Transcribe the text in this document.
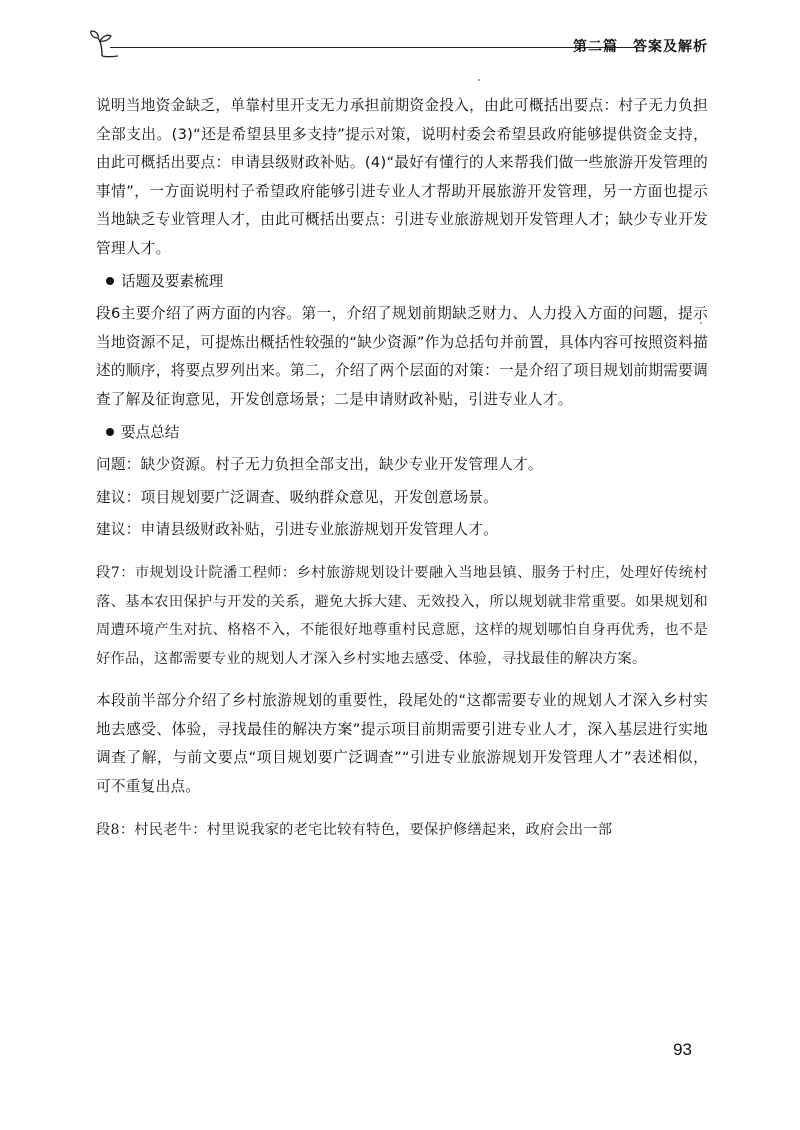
第二篇　答案及解析

说明当地资金缺乏，单靠村里开支无力承担前期资金投入，由此可概括出要点：村子无力负担全部支出。(3)“还是希望县里多支持”提示对策，说明村委会希望县政府能够提供资金支持，由此可概括出要点：申请县级财政补贴。(4)“最好有懂行的人来帮我们做一些旅游开发管理的事情”，一方面说明村子希望政府能够引进专业人才帮助开展旅游开发管理，另一方面也提示当地缺乏专业管理人才，由此可概括出要点：引进专业旅游规划开发管理人才；缺少专业开发管理人才。

话题及要素梳理

段6主要介绍了两方面的内容。第一，介绍了规划前期缺乏财力、人力投入方面的问题，提示当地资源不足，可提炼出概括性较强的“缺少资源”作为总括句并前置，具体内容可按照资料描述的顺序，将要点罗列出来。第二，介绍了两个层面的对策：一是介绍了项目规划前期需要调查了解及征询意见，开发创意场景；二是申请财政补贴，引进专业人才。

要点总结

问题：缺少资源。村子无力负担全部支出，缺少专业开发管理人才。

建议：项目规划要广泛调查、吸纳群众意见，开发创意场景。

建议：申请县级财政补贴，引进专业旅游规划开发管理人才。

段7：市规划设计院潘工程师：乡村旅游规划设计要融入当地县镇、服务于村庄，处理好传统村落、基本农田保护与开发的关系，避免大拆大建、无效投入，所以规划就非常重要。如果规划和周遭环境产生对抗、格格不入，不能很好地尊重村民意愿，这样的规划哪怕自身再优秀，也不是好作品，这都需要专业的规划人才深入乡村实地去感受、体验，寻找最佳的解决方案。

本段前半部分介绍了乡村旅游规划的重要性，段尾处的“这都需要专业的规划人才深入乡村实地去感受、体验，寻找最佳的解决方案”提示项目前期需要引进专业人才，深入基层进行实地调查了解，与前文要点“项目规划要广泛调查”“引进专业旅游规划开发管理人才”表述相似，可不重复出点。

段8：村民老牛：村里说我家的老宅比较有特色，要保护修缮起来，政府会出一部

93
